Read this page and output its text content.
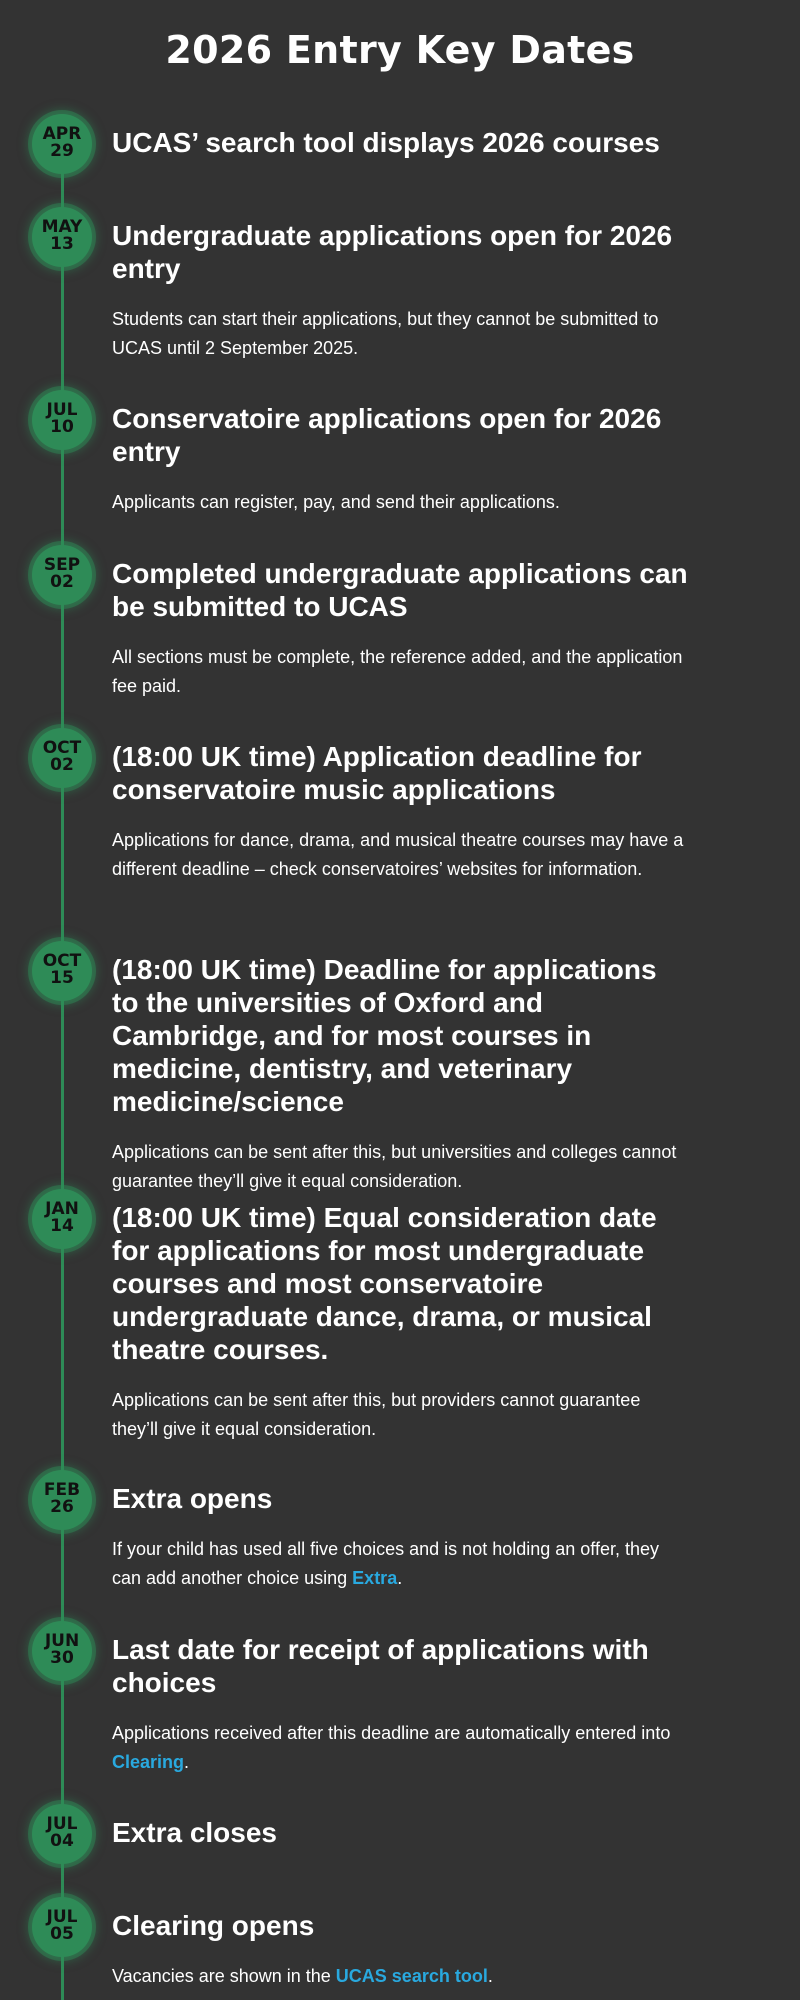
2026 Entry Key Dates
APR
29	UCAS’ search tool displays 2026 courses
MAY
13	Undergraduate applications open for 2026 entry

Students can start their applications, but they cannot be submitted to UCAS until 2 September 2025.

JUL
10	Conservatoire applications open for 2026 entry

Applicants can register, pay, and send their applications.

SEP
02	Completed undergraduate applications can be submitted to UCAS

All sections must be complete, the reference added, and the application fee paid.

OCT
02	(18:00 UK time) Application deadline for conservatoire music applications

Applications for dance, drama, and musical theatre courses may have a different deadline – check conservatoires’ websites for information.

OCT
15	(18:00 UK time) Deadline for applications to the universities of Oxford and Cambridge, and for most courses in medicine, dentistry, and veterinary medicine/science

Applications can be sent after this, but universities and colleges cannot guarantee they’ll give it equal consideration.

JAN
14	(18:00 UK time) Equal consideration date for applications for most undergraduate courses and most conservatoire undergraduate dance, drama, or musical theatre courses.

Applications can be sent after this, but providers cannot guarantee they’ll give it equal consideration.

FEB
26	Extra opens

If your child has used all five choices and is not holding an offer, they can add another choice using Extra.

JUN
30	Last date for receipt of applications with choices

Applications received after this deadline are automatically entered into Clearing.

JUL
04	Extra closes
JUL
05	Clearing opens

Vacancies are shown in the UCAS search tool.
